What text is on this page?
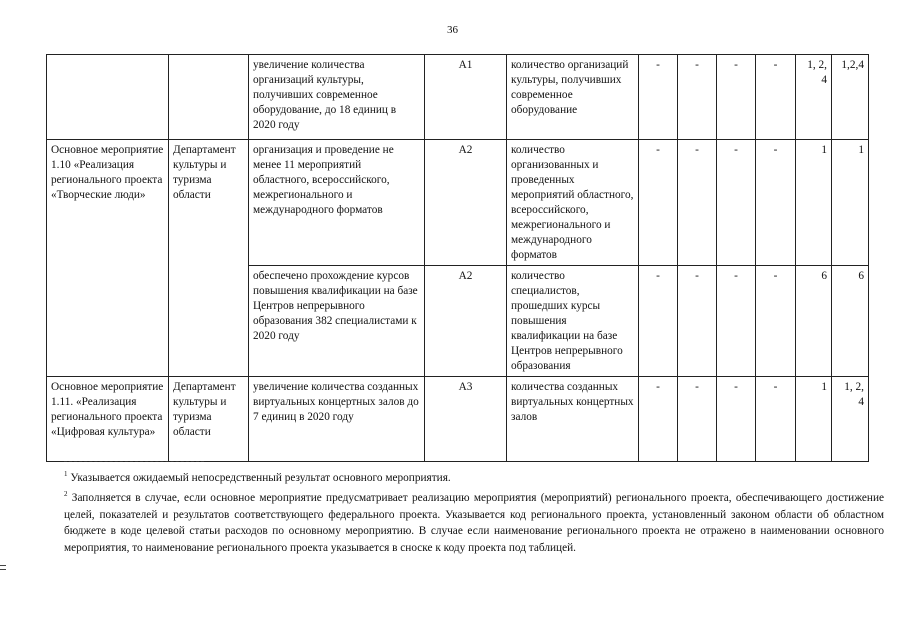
36
		увеличение количества организаций культуры, получивших современное оборудование, до 18 единиц в 2020 году	А1	количество организаций культуры, получивших современное оборудование	-	-	-	-	1, 2, 4	1,2,4
Основное мероприятие 1.10 «Реализация регионального проекта «Творческие люди»	Департамент культуры и туризма области	организация и проведение не менее 11 мероприятий областного, всероссийского, межрегионального и международного форматов	А2	количество организованных и проведенных мероприятий областного, всероссийского, межрегионального и международного форматов	-	-	-	-	1	1
		обеспечено прохождение курсов повышения квалификации на базе Центров непрерывного образования 382 специалистами к 2020 году	А2	количество специалистов, прошедших курсы повышения квалификации на базе Центров непрерывного образования	-	-	-	-	6	6
Основное мероприятие 1.11. «Реализация регионального проекта «Цифровая культура»	Департамент культуры и туризма области	увеличение количества созданных виртуальных концертных залов до 7 единиц в 2020 году	А3	количества созданных виртуальных концертных залов	-	-	-	-	1	1, 2, 4

$^1$ Указывается ожидаемый непосредственный результат основного мероприятия.

$^2$ Заполняется в случае, если основное мероприятие предусматривает реализацию мероприятия (мероприятий) регионального проекта, обеспечивающего достижение целей, показателей и результатов соответствующего федерального проекта. Указывается код регионального проекта, установленный законом области об областном бюджете в коде целевой статьи расходов по основному мероприятию. В случае если наименование регионального проекта не отражено в наименовании основного мероприятия, то наименование регионального проекта указывается в сноске к коду проекта под таблицей.
